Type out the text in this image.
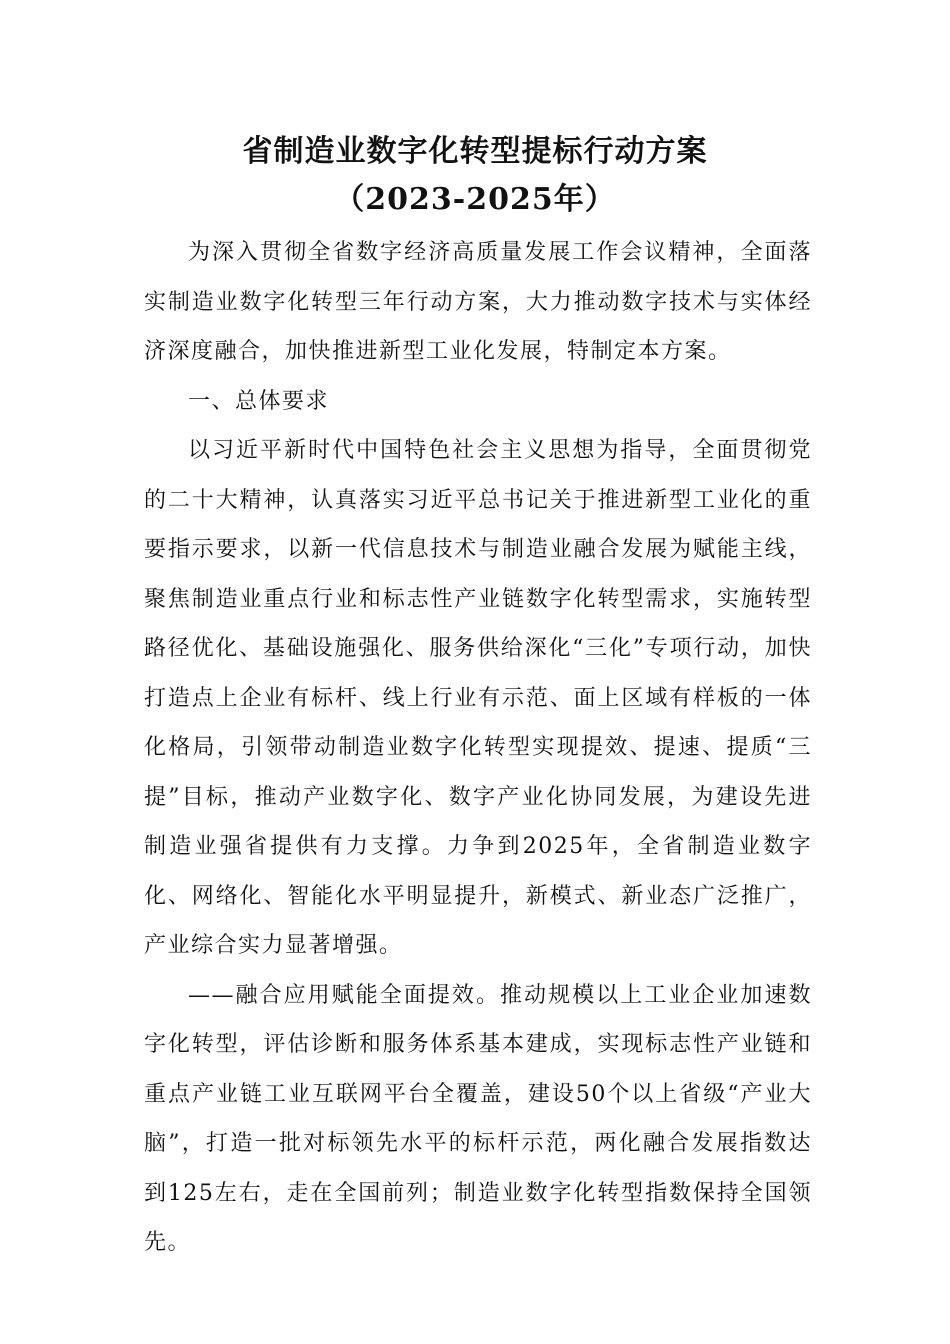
省制造业数字化转型提标行动方案
（2023-2025年）

为深入贯彻全省数字经济高质量发展工作会议精神，全面落实制造业数字化转型三年行动方案，大力推动数字技术与实体经济深度融合，加快推进新型工业化发展，特制定本方案。

一、总体要求

以习近平新时代中国特色社会主义思想为指导，全面贯彻党的二十大精神，认真落实习近平总书记关于推进新型工业化的重要指示要求，以新一代信息技术与制造业融合发展为赋能主线，聚焦制造业重点行业和标志性产业链数字化转型需求，实施转型路径优化、基础设施强化、服务供给深化“三化”专项行动，加快打造点上企业有标杆、线上行业有示范、面上区域有样板的一体化格局，引领带动制造业数字化转型实现提效、提速、提质“三提”目标，推动产业数字化、数字产业化协同发展，为建设先进制造业强省提供有力支撑。力争到2025年，全省制造业数字化、网络化、智能化水平明显提升，新模式、新业态广泛推广，产业综合实力显著增强。

——融合应用赋能全面提效。推动规模以上工业企业加速数字化转型，评估诊断和服务体系基本建成，实现标志性产业链和重点产业链工业互联网平台全覆盖，建设50个以上省级“产业大脑”，打造一批对标领先水平的标杆示范，两化融合发展指数达到125左右，走在全国前列；制造业数字化转型指数保持全国领先。
